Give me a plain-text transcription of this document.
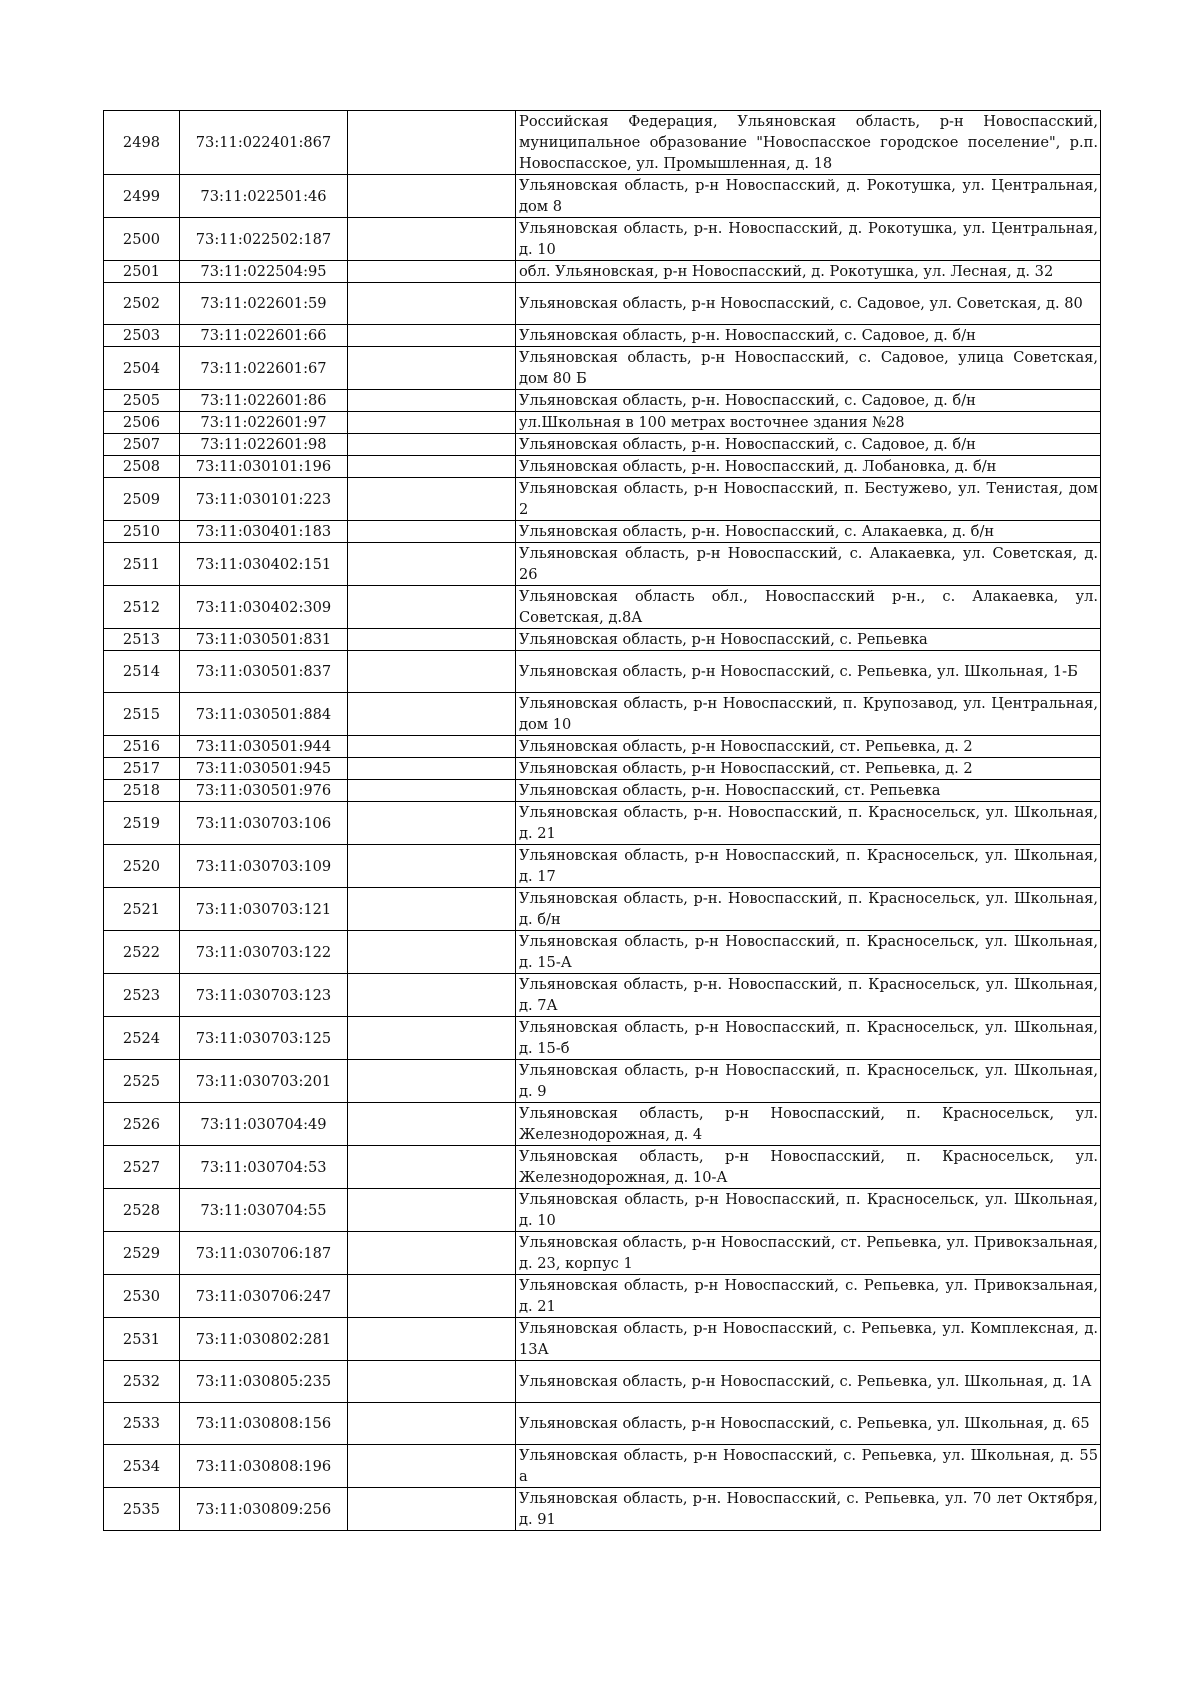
2498	73:11:022401:867		Российская Федерация, Ульяновская область, р-н Новоспасский, муниципальное образование "Новоспасское городское поселение", р.п. Новоспасское, ул. Промышленная, д. 18
2499	73:11:022501:46		Ульяновская область, р-н Новоспасский, д. Рокотушка, ул. Центральная, дом 8
2500	73:11:022502:187		Ульяновская область, р-н. Новоспасский, д. Рокотушка, ул. Центральная, д. 10
2501	73:11:022504:95		обл. Ульяновская, р-н Новоспасский, д. Рокотушка, ул. Лесная, д. 32
2502	73:11:022601:59		Ульяновская область, р-н Новоспасский, с. Садовое, ул. Советская, д. 80
2503	73:11:022601:66		Ульяновская область, р-н. Новоспасский, с. Садовое, д. б/н
2504	73:11:022601:67		Ульяновская область, р-н Новоспасский, с. Садовое, улица Советская, дом 80 Б
2505	73:11:022601:86		Ульяновская область, р-н. Новоспасский, с. Садовое, д. б/н
2506	73:11:022601:97		ул.Школьная в 100 метрах восточнее здания №28
2507	73:11:022601:98		Ульяновская область, р-н. Новоспасский, с. Садовое, д. б/н
2508	73:11:030101:196		Ульяновская область, р-н. Новоспасский, д. Лобановка, д. б/н
2509	73:11:030101:223		Ульяновская область, р-н Новоспасский, п. Бестужево, ул. Тенистая, дом 2
2510	73:11:030401:183		Ульяновская область, р-н. Новоспасский, с. Алакаевка, д. б/н
2511	73:11:030402:151		Ульяновская область, р-н Новоспасский, с. Алакаевка, ул. Советская, д. 26
2512	73:11:030402:309		Ульяновская область обл., Новоспасский р-н., с. Алакаевка, ул. Советская, д.8А
2513	73:11:030501:831		Ульяновская область, р-н Новоспасский, с. Репьевка
2514	73:11:030501:837		Ульяновская область, р-н Новоспасский, с. Репьевка, ул. Школьная, 1-Б
2515	73:11:030501:884		Ульяновская область, р-н Новоспасский, п. Крупозавод, ул. Центральная, дом 10
2516	73:11:030501:944		Ульяновская область, р-н Новоспасский, ст. Репьевка, д. 2
2517	73:11:030501:945		Ульяновская область, р-н Новоспасский, ст. Репьевка, д. 2
2518	73:11:030501:976		Ульяновская область, р-н. Новоспасский, ст. Репьевка
2519	73:11:030703:106		Ульяновская область, р-н. Новоспасский, п. Красносельск, ул. Школьная, д. 21
2520	73:11:030703:109		Ульяновская область, р-н Новоспасский, п. Красносельск, ул. Школьная, д. 17
2521	73:11:030703:121		Ульяновская область, р-н. Новоспасский, п. Красносельск, ул. Школьная, д. б/н
2522	73:11:030703:122		Ульяновская область, р-н Новоспасский, п. Красносельск, ул. Школьная, д. 15-А
2523	73:11:030703:123		Ульяновская область, р-н. Новоспасский, п. Красносельск, ул. Школьная, д. 7А
2524	73:11:030703:125		Ульяновская область, р-н Новоспасский, п. Красносельск, ул. Школьная, д. 15-б
2525	73:11:030703:201		Ульяновская область, р-н Новоспасский, п. Красносельск, ул. Школьная, д. 9
2526	73:11:030704:49		Ульяновская область, р-н Новоспасский, п. Красносельск, ул. Железнодорожная, д. 4
2527	73:11:030704:53		Ульяновская область, р-н Новоспасский, п. Красносельск, ул. Железнодорожная, д. 10-А
2528	73:11:030704:55		Ульяновская область, р-н Новоспасский, п. Красносельск, ул. Школьная, д. 10
2529	73:11:030706:187		Ульяновская область, р-н Новоспасский, ст. Репьевка, ул. Привокзальная, д. 23, корпус 1
2530	73:11:030706:247		Ульяновская область, р-н Новоспасский, с. Репьевка, ул. Привокзальная, д. 21
2531	73:11:030802:281		Ульяновская область, р-н Новоспасский, с. Репьевка, ул. Комплексная, д. 13А
2532	73:11:030805:235		Ульяновская область, р-н Новоспасский, с. Репьевка, ул. Школьная, д. 1А
2533	73:11:030808:156		Ульяновская область, р-н Новоспасский, с. Репьевка, ул. Школьная, д. 65
2534	73:11:030808:196		Ульяновская область, р-н Новоспасский, с. Репьевка, ул. Школьная, д. 55 а
2535	73:11:030809:256		Ульяновская область, р-н. Новоспасский, с. Репьевка, ул. 70 лет Октября, д. 91
